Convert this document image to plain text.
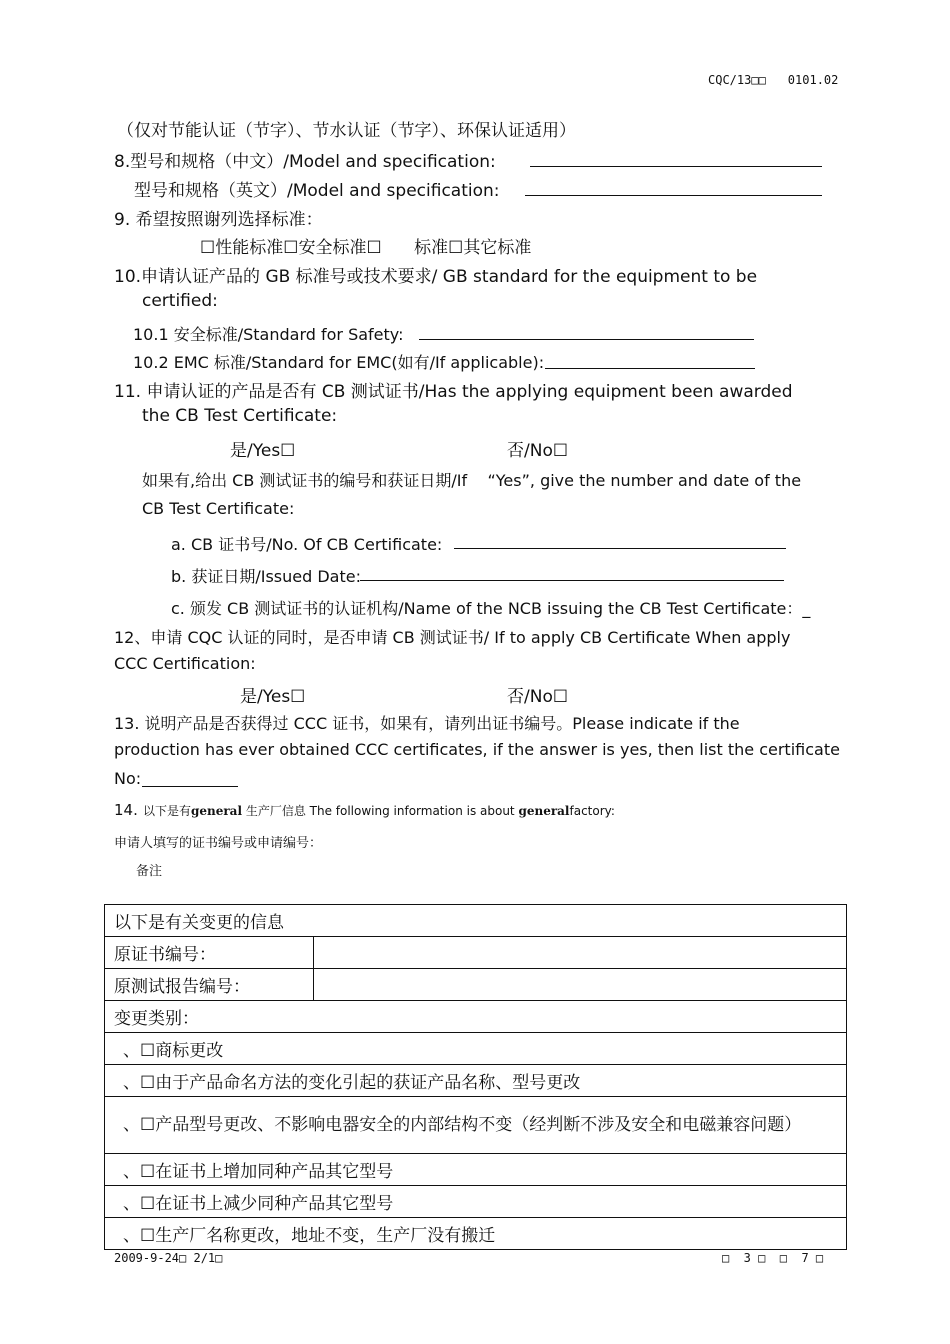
CQC/13□□ 0101.02
（仅对节能认证（节字）、节水认证（节字）、环保认证适用）
8.型号和规格（中文）/Model and specification:
型号和规格（英文）/Model and specification:
9. 希望按照谢列选择标准：
☐性能标准☐安全标准☐      标准☐其它标准
10.申请认证产品的 GB 标准号或技术要求/ GB standard for the equipment to be
certified:
10.1 安全标准/Standard for Safety:
10.2 EMC 标准/Standard for EMC(如有/If applicable):
11. 申请认证的产品是否有 CB 测试证书/Has the applying equipment been awarded
the CB Test Certificate:
是/Yes☐	否/No☐
如果有,给出 CB 测试证书的编号和获证日期/If    “Yes”, give the number and date of the
CB Test Certificate:
a. CB 证书号/No. Of CB Certificate:
b. 获证日期/Issued Date:
c. 颁发 CB 测试证书的认证机构/Name of the NCB issuing the CB Test Certificate：_
12、申请 CQC 认证的同时，是否申请 CB 测试证书/ If to apply CB Certificate When apply
CCC Certification:
是/Yes☐	否/No☐
13. 说明产品是否获得过 CCC 证书，如果有，请列出证书编号。Please indicate if the
production has ever obtained CCC certificates, if the answer is yes, then list the certificate
No:
14. 以下是有general 生产厂信息 The following information is about generalfactory:
申请人填写的证书编号或申请编号：
备注
以下是有关变更的信息	
原证书编号：	
原测试报告编号：	
变更类别：	
、☐商标更改	
、☐由于产品命名方法的变化引起的获证产品名称、型号更改	
、☐产品型号更改、不影响电器安全的内部结构不变（经判断不涉及安全和电磁兼容问题）	
、☐在证书上增加同种产品其它型号	
、☐在证书上减少同种产品其它型号	
、☐生产厂名称更改，地址不变，生产厂没有搬迁	
2009-9-24□ 2/1□	□  3 □  □  7 □
